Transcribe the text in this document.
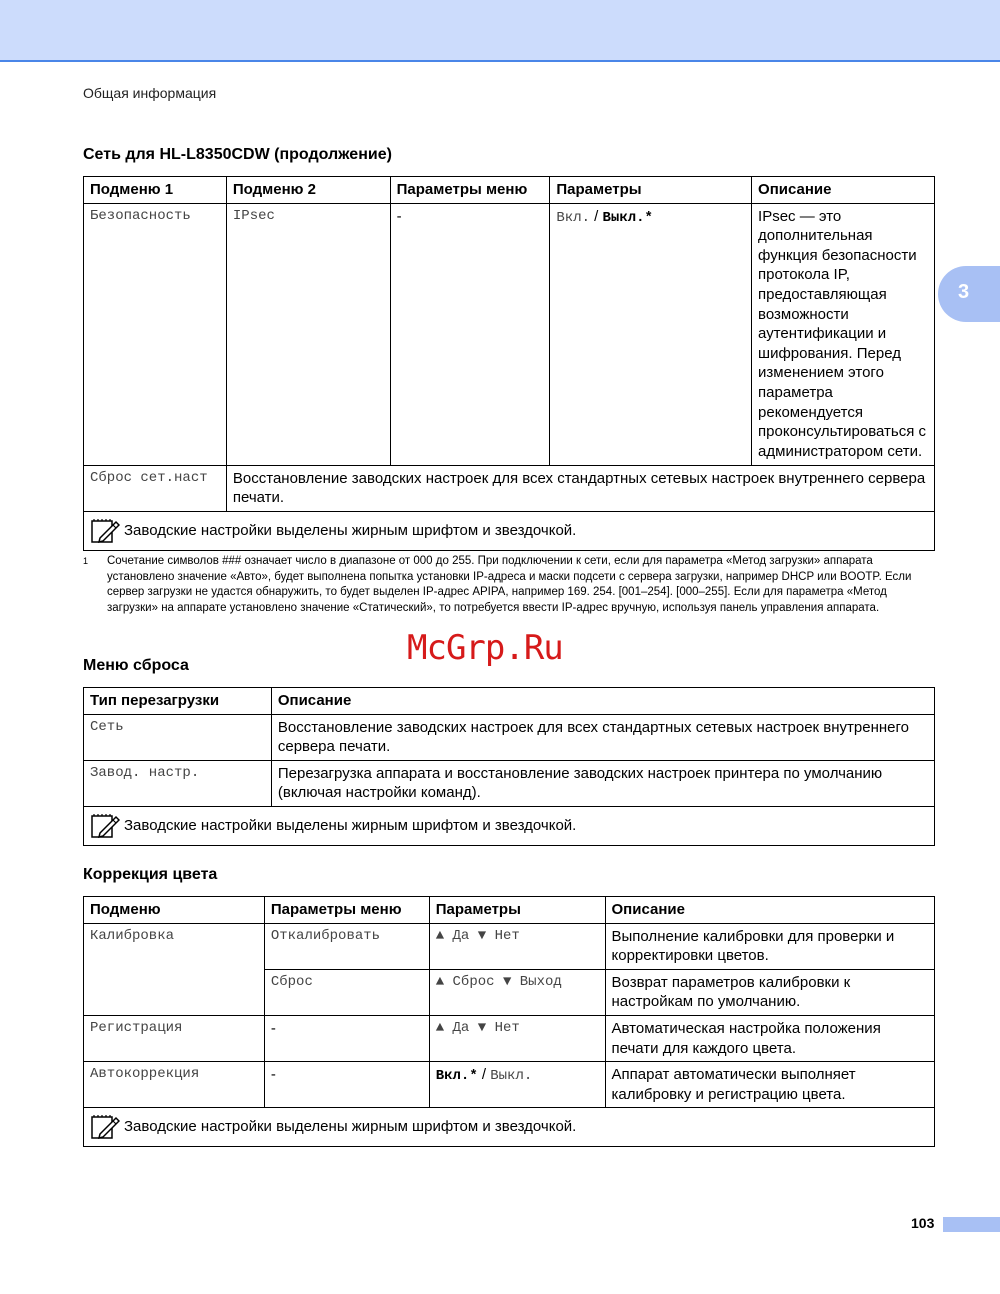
Общая информация
3
Сеть для HL-L8350CDW (продолжение)
Подменю 1	Подменю 2	Параметры меню	Параметры	Описание
Безопасность	IPsec	-	Вкл. / Выкл.*	IPsec — это дополнительная функция безопасности протокола IP, предоставляющая возможности аутентификации и шифрования. Перед изменением этого параметра рекомендуется проконсультироваться с администратором сети.
Сброс сет.наст	Восстановление заводских настроек для всех стандартных сетевых настроек внутреннего сервера печати.			
Заводские настройки выделены жирным шрифтом и звездочкой.				
1 Сочетание символов ### означает число в диапазоне от 000 до 255. При подключении к сети, если для параметра «Метод загрузки» аппарата установлено значение «Авто», будет выполнена попытка установки IP-адреса и маски подсети с сервера загрузки, например DHCP или BOOTP. Если сервер загрузки не удастся обнаружить, то будет выделен IP-адрес APIPA, например 169. 254. [001–254]. [000–255]. Если для параметра «Метод загрузки» на аппарате установлено значение «Статический», то потребуется ввести IP-адрес вручную, используя панель управления аппарата.
McGrp.Ru
Меню сброса
Тип перезагрузки	Описание
Сеть	Восстановление заводских настроек для всех стандартных сетевых настроек внутреннего сервера печати.
Завод. настр.	Перезагрузка аппарата и восстановление заводских настроек принтера по умолчанию (включая настройки команд).
Заводские настройки выделены жирным шрифтом и звездочкой.	
Коррекция цвета
Подменю	Параметры меню	Параметры	Описание
Калибровка	Откалибровать	▲ Да ▼ Нет	Выполнение калибровки для проверки и корректировки цветов.
	Сброс	▲ Сброс ▼ Выход	Возврат параметров калибровки к настройкам по умолчанию.
Регистрация	-	▲ Да ▼ Нет	Автоматическая настройка положения печати для каждого цвета.
Автокоррекция	-	Вкл.* / Выкл.	Аппарат автоматически выполняет калибровку и регистрацию цвета.
Заводские настройки выделены жирным шрифтом и звездочкой.			
103
